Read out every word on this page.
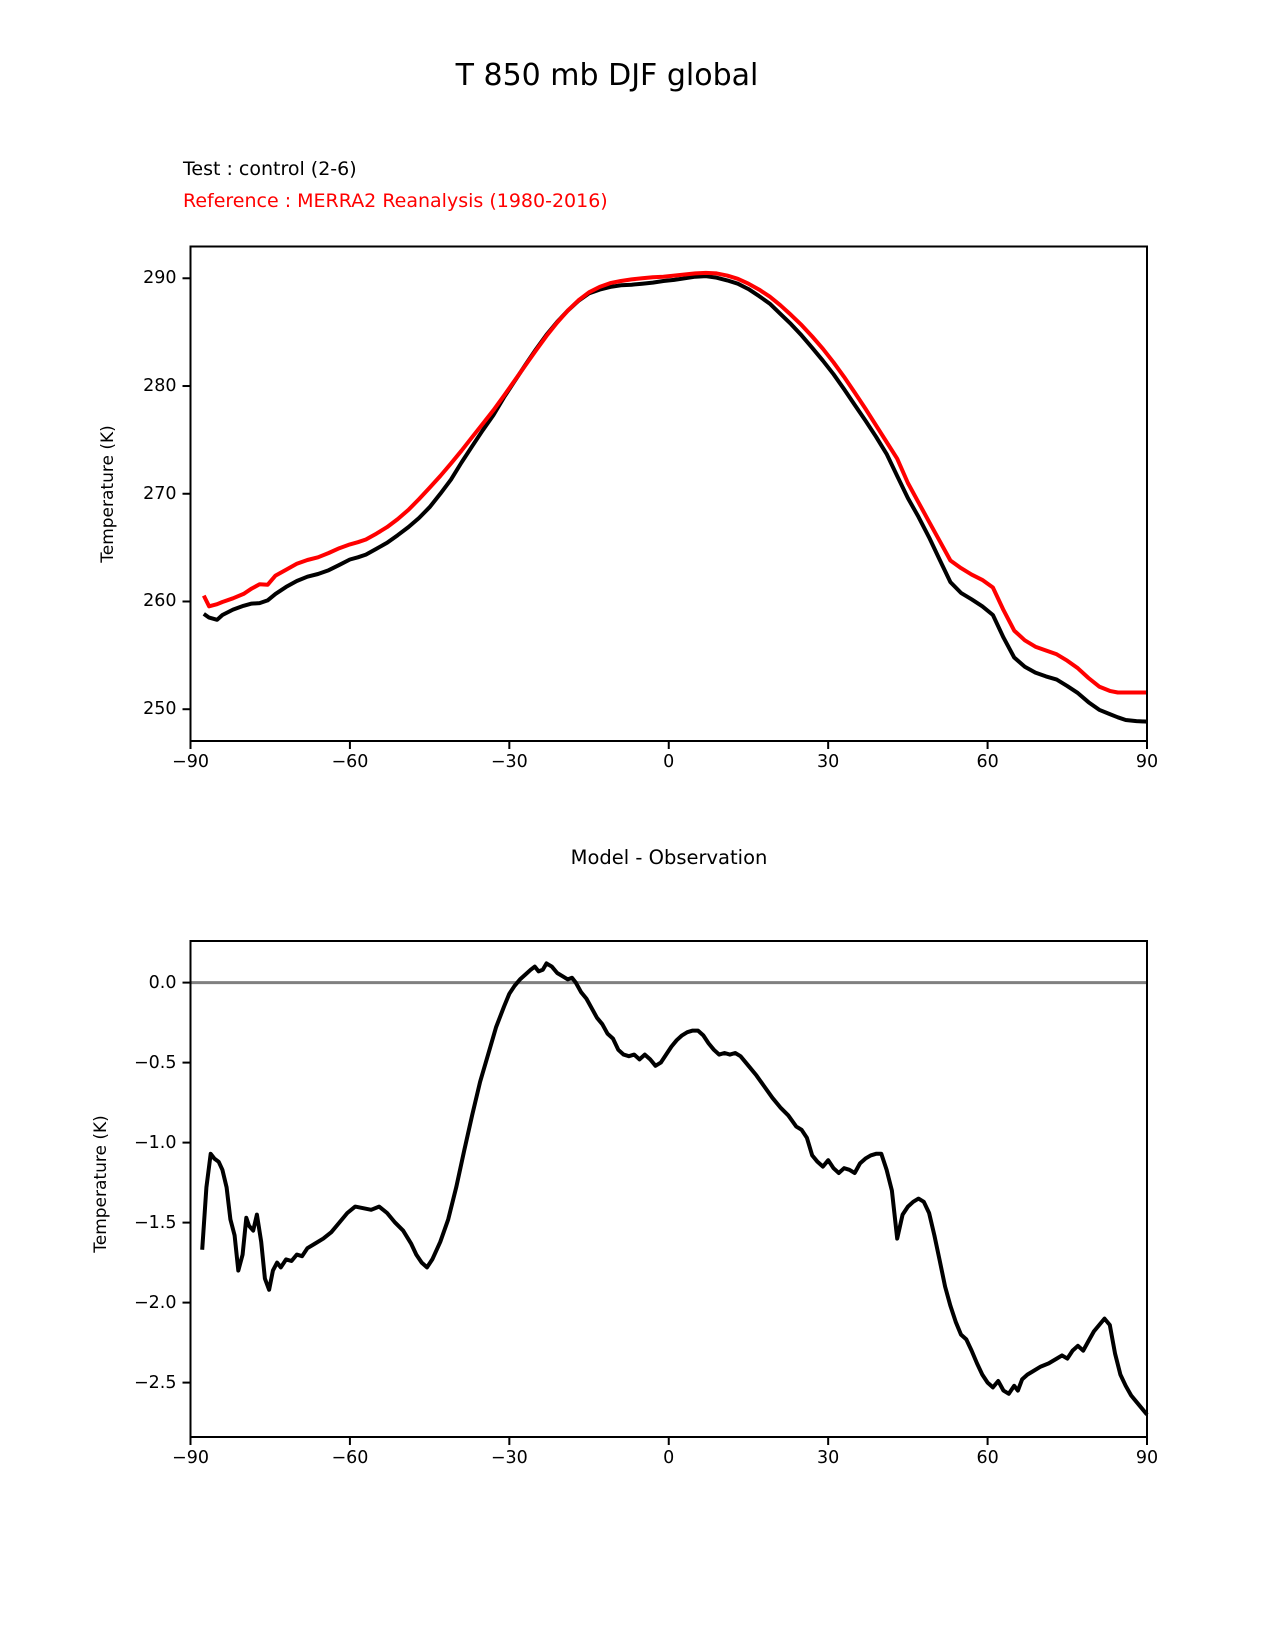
T 850 mb DJF global
Test : control (2-6)
Reference : MERRA2 Reanalysis (1980-2016)
Temperature (K)
Model - Observation
Temperature (K)
−90	−60	−30	0	30	60	90
250
260
270
280
290
−90	−60	−30	0	30	60	90
0.0
−0.5
−1.0
−1.5
−2.0
−2.5
